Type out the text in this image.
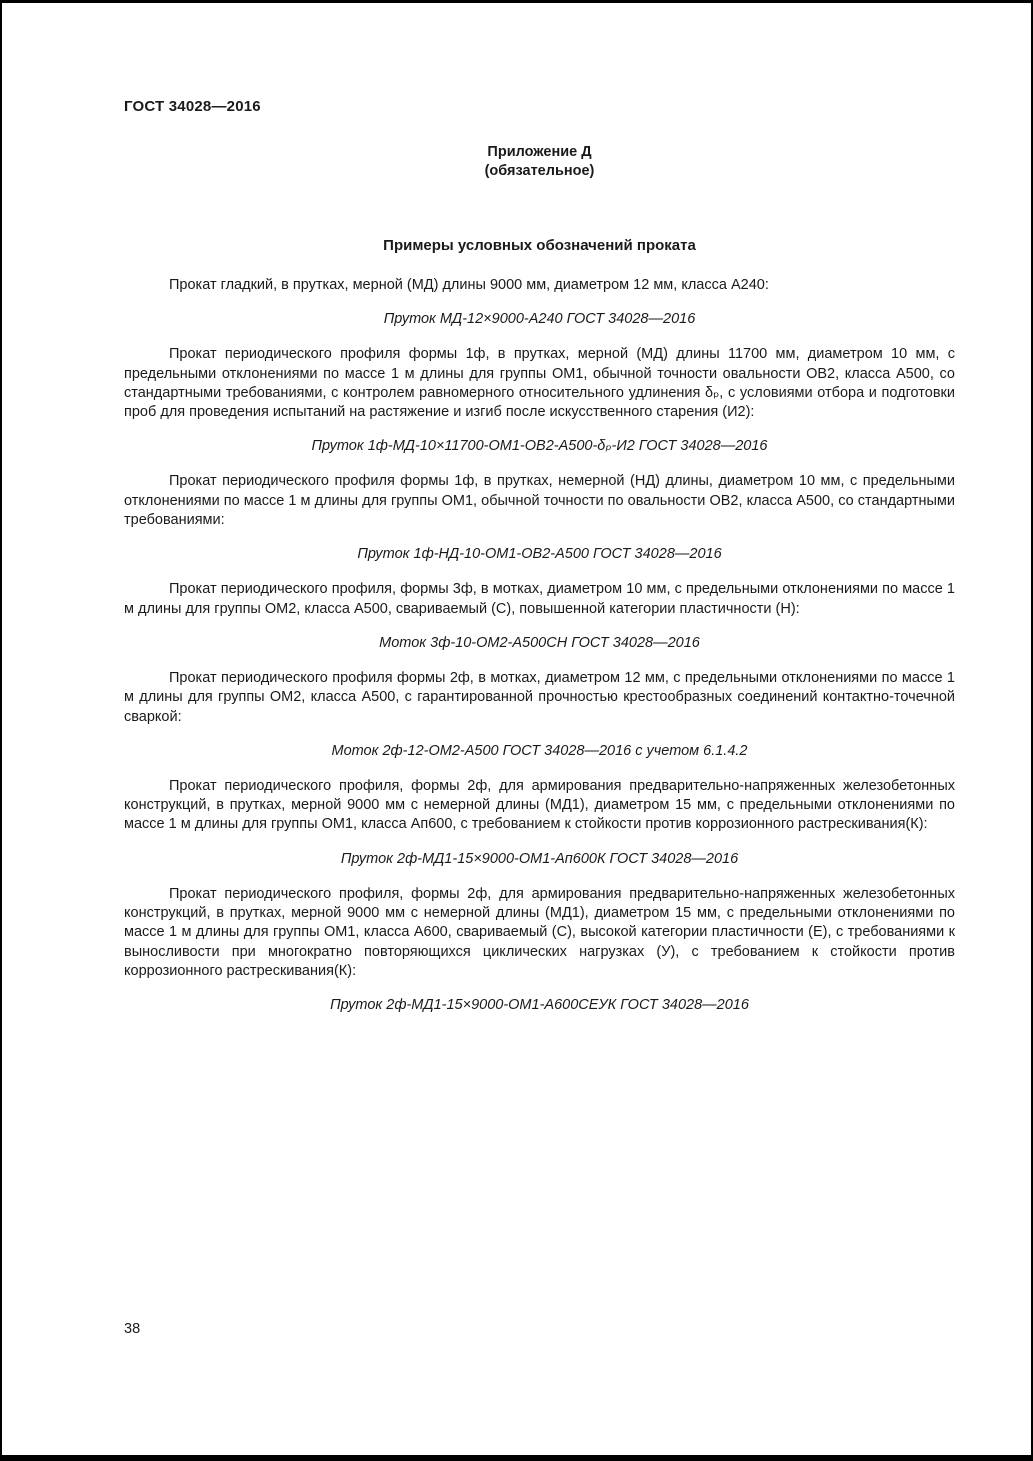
ГОСТ 34028—2016
Приложение Д
(обязательное)
Примеры условных обозначений проката

Прокат гладкий, в прутках, мерной (МД) длины 9000 мм, диаметром 12 мм, класса А240:

Пруток МД-12×9000-А240 ГОСТ 34028—2016

Прокат периодического профиля формы 1ф, в прутках, мерной (МД) длины 11700 мм, диаметром 10 мм, с предельными отклонениями по массе 1 м длины для группы ОМ1, обычной точности овальности ОВ2, класса А500, со стандартными требованиями, с контролем равномерного относительного удлинения δₚ, с условиями отбора и подготовки проб для проведения испытаний на растяжение и изгиб после искусственного старения (И2):

Пруток 1ф-МД-10×11700-ОМ1-ОВ2-А500-δₚ-И2 ГОСТ 34028—2016

Прокат периодического профиля формы 1ф, в прутках, немерной (НД) длины, диаметром 10 мм, с предельными отклонениями по массе 1 м длины для группы ОМ1, обычной точности по овальности ОВ2, класса А500, со стандартными требованиями:

Пруток 1ф-НД-10-ОМ1-ОВ2-А500 ГОСТ 34028—2016

Прокат периодического профиля, формы 3ф, в мотках, диаметром 10 мм, с предельными отклонениями по массе 1 м длины для группы ОМ2, класса А500, свариваемый (С), повышенной категории пластичности (Н):

Моток 3ф-10-ОМ2-А500СН ГОСТ 34028—2016

Прокат периодического профиля формы 2ф, в мотках, диаметром 12 мм, с предельными отклонениями по массе 1 м длины для группы ОМ2, класса А500, с гарантированной прочностью крестообразных соединений контактно-точечной сваркой:

Моток 2ф-12-ОМ2-А500 ГОСТ 34028—2016 с учетом 6.1.4.2

Прокат периодического профиля, формы 2ф, для армирования предварительно-напряженных железобетонных конструкций, в прутках, мерной 9000 мм с немерной длины (МД1), диаметром 15 мм, с предельными отклонениями по массе 1 м длины для группы ОМ1, класса Ап600, с требованием к стойкости против коррозионного растрескивания(К):

Пруток 2ф-МД1-15×9000-ОМ1-Ап600К ГОСТ 34028—2016

Прокат периодического профиля, формы 2ф, для армирования предварительно-напряженных железобетонных конструкций, в прутках, мерной 9000 мм с немерной длины (МД1), диаметром 15 мм, с предельными отклонениями по массе 1 м длины для группы ОМ1, класса А600, свариваемый (С), высокой категории пластичности (Е), с требованиями к выносливости при многократно повторяющихся циклических нагрузках (У), с требованием к стойкости против коррозионного растрескивания(К):

Пруток 2ф-МД1-15×9000-ОМ1-А600СЕУК ГОСТ 34028—2016

38
